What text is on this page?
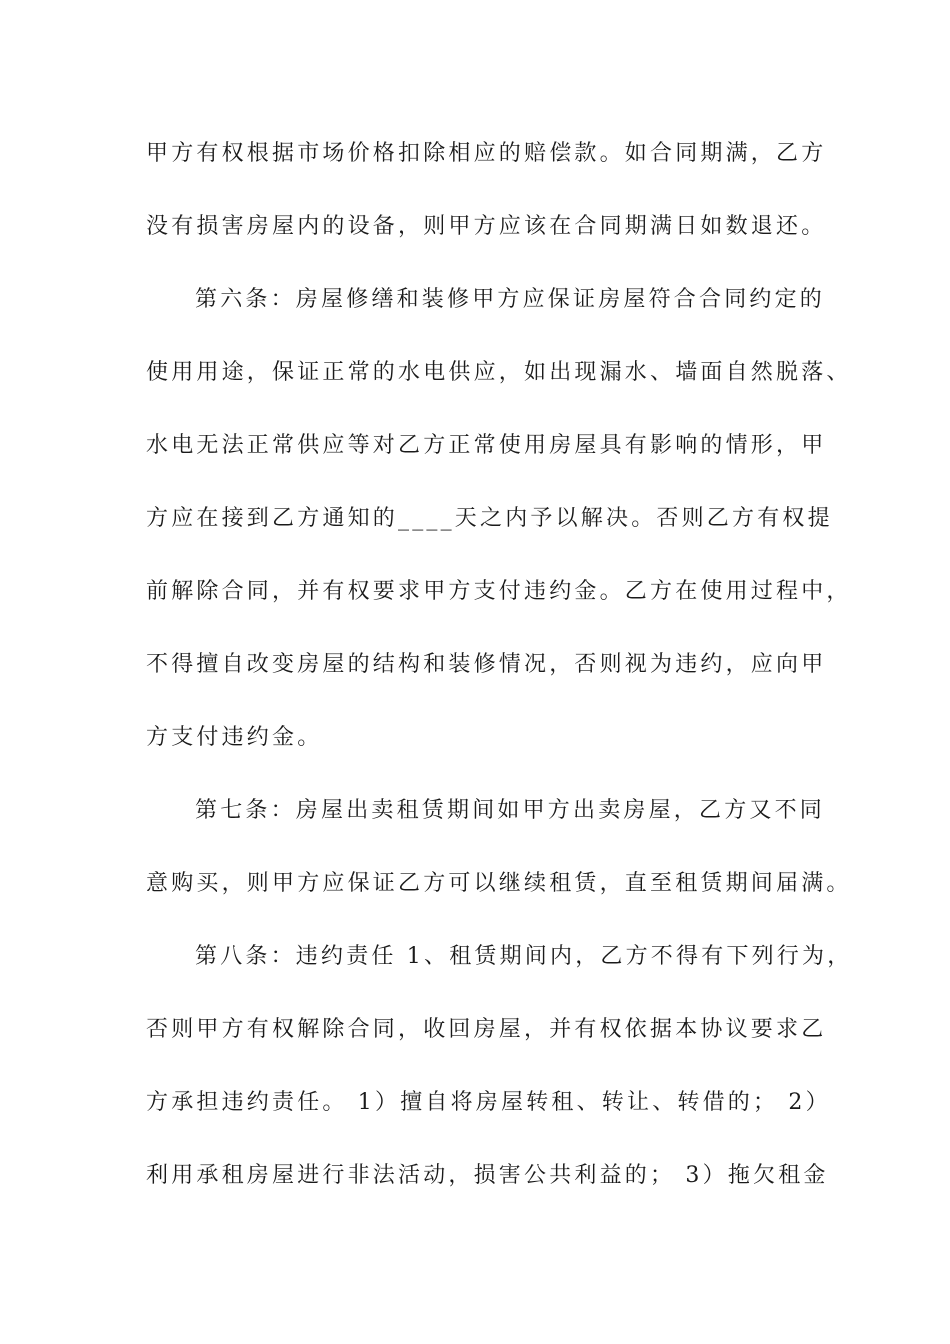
甲方有权根据市场价格扣除相应的赔偿款。如合同期满，乙方
没有损害房屋内的设备，则甲方应该在合同期满日如数退还。
第六条：房屋修缮和装修甲方应保证房屋符合合同约定的
使用用途，保证正常的水电供应，如出现漏水、墙面自然脱落、
水电无法正常供应等对乙方正常使用房屋具有影响的情形，甲
方应在接到乙方通知的____天之内予以解决。否则乙方有权提
前解除合同，并有权要求甲方支付违约金。乙方在使用过程中，
不得擅自改变房屋的结构和装修情况，否则视为违约，应向甲
方支付违约金。
第七条：房屋出卖租赁期间如甲方出卖房屋，乙方又不同
意购买，则甲方应保证乙方可以继续租赁，直至租赁期间届满。
第八条：违约责任 1、租赁期间内，乙方不得有下列行为，
否则甲方有权解除合同，收回房屋，并有权依据本协议要求乙
方承担违约责任。 1）擅自将房屋转租、转让、转借的； 2）
利用承租房屋进行非法活动，损害公共利益的； 3）拖欠租金
